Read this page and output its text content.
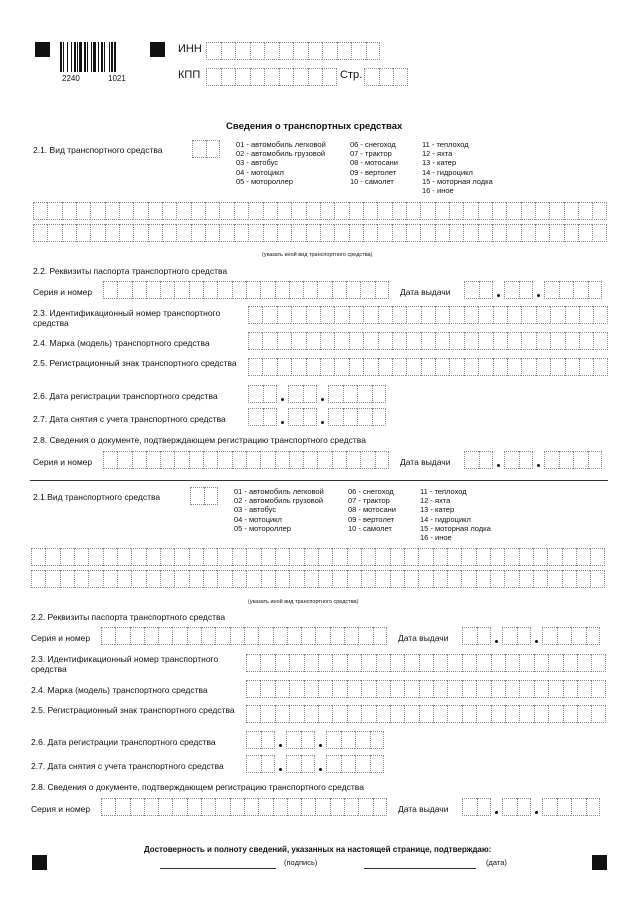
2240	1021
ИНН
КПП	Стр.
Сведения о транспортных средствах
2.1. Вид транспортного средства
01 - автомобиль легковой
02 - автомобиль грузовой
03 - автобус
04 - мотоцикл
05 - мотороллер
06 - снегоход
07 - трактор
08 - мотосани
09 - вертолет
10 - самолет
11 - теплоход
12 - яхта
13 - катер
14 - гидроцикл
15 - моторная лодка
16 - иное
(указать иной вид транспортного средства)
2.2. Реквизиты паспорта транспортного средства
Серия и номер	Дата выдачи
2.3. Идентификационный номер транспортного средства
2.4. Марка (модель) транспортного средства
2.5. Регистрационный знак транспортного средства
2.6. Дата регистрации транспортного средства
2.7. Дата снятия с учета транспортного средства
2.8. Сведения о документе, подтверждающем регистрацию транспортного средства
Серия и номер	Дата выдачи
2.1.Вид транспортного средства
01 - автомобиль легковой
02 - автомобиль грузовой
03 - автобус
04 - мотоцикл
05 - мотороллер
06 - снегоход
07 - трактор
08 - мотосани
09 - вертолет
10 - самолет
11 - теплоход
12 - яхта
13 - катер
14 - гидроцикл
15 - моторная лодка
16 - иное
(указать иной вид транспортного средства)
2.2. Реквизиты паспорта транспортного средства
Серия и номер	Дата выдачи
2.3. Идентификационный номер транспортного средства
2.4. Марка (модель) транспортного средства
2.5. Регистрационный знак транспортного средства
2.6. Дата регистрации транспортного средства
2.7. Дата снятия с учета транспортного средства
2.8. Сведения о документе, подтверждающем регистрацию транспортного средства
Серия и номер	Дата выдачи
Достоверность и полноту сведений, указанных на настоящей странице, подтверждаю:
(подпись)	(дата)
